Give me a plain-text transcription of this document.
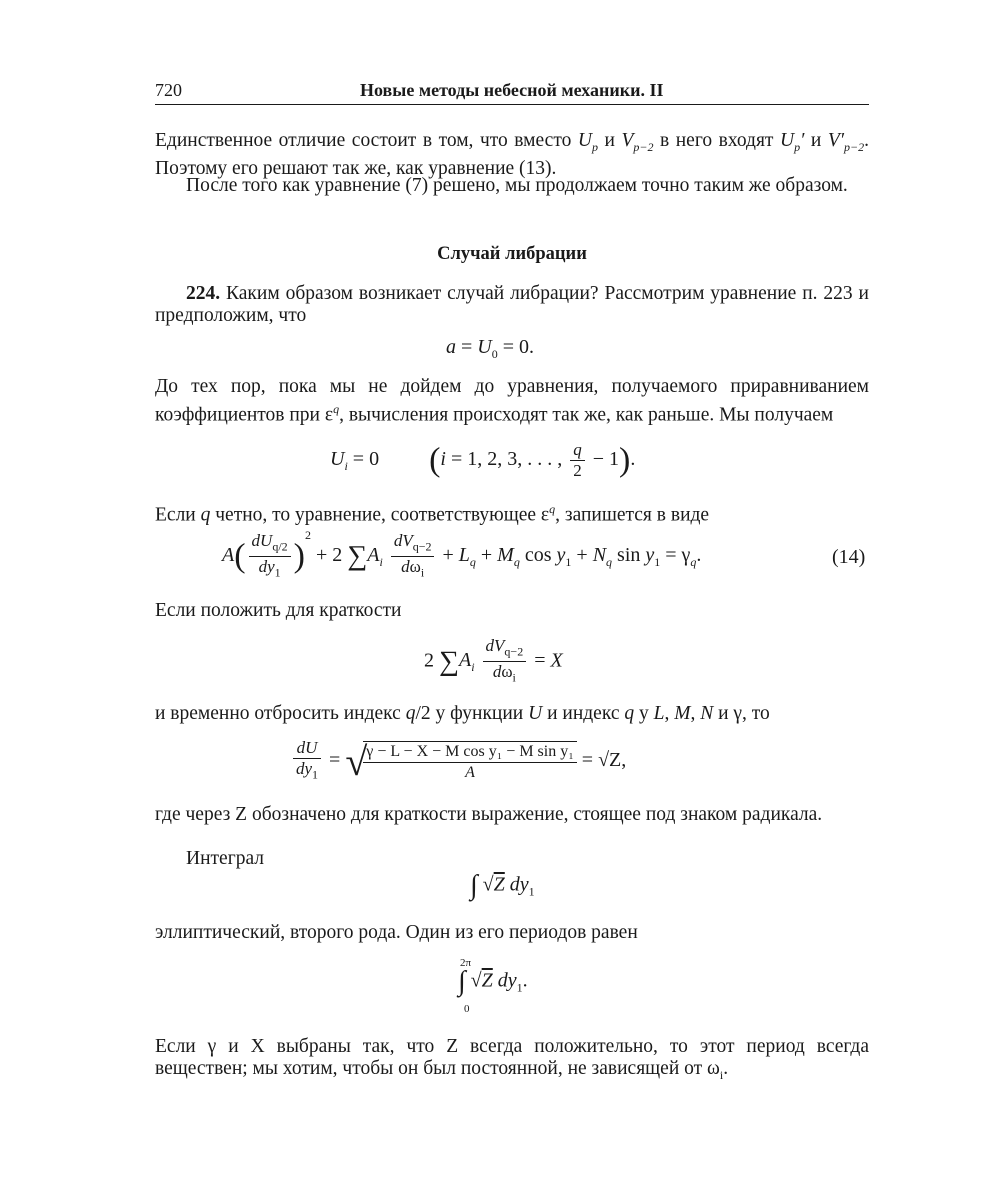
720	Новые методы небесной механики. II
Единственное отличие состоит в том, что вместо $U_p$ и $V_{p-2}$ в него входят $U_p'$ и $V'_{p-2}$. Поэтому его решают так же, как уравнение (13).
После того как уравнение (7) решено, мы продолжаем точно таким же образом.
Случай либрации
224. Каким образом возникает случай либрации? Рассмотрим уравнение п. 223 и предположим, что
$a = U_0 = 0$.
До тех пор, пока мы не дойдем до уравнения, получаемого приравниванием коэффициентов при $\varepsilon^q$, вычисления происходят так же, как раньше. Мы получаем
$U_i = 0$  (i = 1, 2, 3, . . . , $\frac{q}{2} - 1$).
Если q четно, то уравнение, соответствующее $\varepsilon^q$, запишется в виде
$A( \frac{dU_{q/2}}{dy_1} )^2 + 2$ $\sum A_i \frac{dV_{q-2}}{d\omega_i} + L_q + M_q$ $\cos y_1 + N_q$ $\sin y_1 = \gamma_q$.	(14)
Если положить для краткости
2 $\sum A_i \frac{dV_{q-2}}{d\omega_i} = X$
и временно отбросить индекс q/2 у функции U и индекс q у L, M, N и γ, то
$\frac{dU}{dy_1}$ = √
$\frac{\text{γ − L − X − M cos y₁ − M sin y₁}}{A} = √Z$,
где через Z обозначено для краткости выражение, стоящее под знаком радикала.
Интеграл
∫ √Z $dy_1$
эллиптический, второго рода. Один из его периодов равен
2π
∫ √Z $dy_1$.
0
Если γ и X выбраны так, что Z всегда положительно, то этот период всегда веществен; мы хотим, чтобы он был постоянной, не зависящей от $\omega_i$.
